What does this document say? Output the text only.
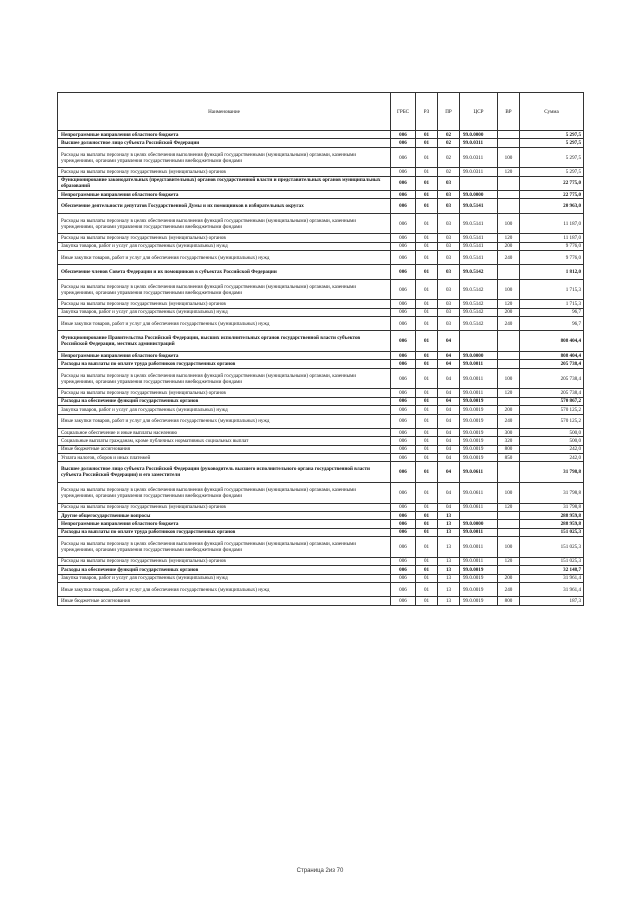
Наименование	ГРБС	РЗ	ПР	ЦСР	ВР	Сумма
Непрограммные направления областного бюджета	006	01	02	99.0.0000		5 297,5
Высшее должностное лицо субъекта Российской Федерации	006	01	02	99.0.0311		5 297,5
Расходы на выплаты персоналу в целях обеспечения выполнения функций государственными (муниципальными) органами, казенными учреждениями, органами управления государственными внебюджетными фондами	006	01	02	99.0.0311	100	5 297,5
Расходы на выплаты персоналу государственных (муниципальных) органов	006	01	02	99.0.0311	120	5 297,5
Функционирование законодательных (представительных) органов государственной власти и представительных органов муниципальных образований	006	01	03			22 775,0
Непрограммные направления областного бюджета	006	01	03	99.0.0000		22 775,0
Обеспечение деятельности депутатов Государственной Думы и их помощников в избирательных округах	006	01	03	99.0.5141		20 963,0
Расходы на выплаты персоналу в целях обеспечения выполнения функций государственными (муниципальными) органами, казенными учреждениями, органами управления государственными внебюджетными фондами	006	01	03	99.0.5141	100	11 187,0
Расходы на выплаты персоналу государственных (муниципальных) органов	006	01	03	99.0.5141	120	11 187,0
Закупка товаров, работ и услуг для государственных (муниципальных) нужд	006	01	03	99.0.5141	200	9 776,0
Иные закупки товаров, работ и услуг для обеспечения государственных (муниципальных) нужд	006	01	03	99.0.5141	240	9 776,0
Обеспечение членов Совета Федерации и их помощников в субъектах Российской Федерации	006	01	03	99.0.5142		1 812,0
Расходы на выплаты персоналу в целях обеспечения выполнения функций государственными (муниципальными) органами, казенными учреждениями, органами управления государственными внебюджетными фондами	006	01	03	99.0.5142	100	1 715,3
Расходы на выплаты персоналу государственных (муниципальных) органов	006	01	03	99.0.5142	120	1 715,3
Закупка товаров, работ и услуг для государственных (муниципальных) нужд	006	01	03	99.0.5142	200	96,7
Иные закупки товаров, работ и услуг для обеспечения государственных (муниципальных) нужд	006	01	03	99.0.5142	240	96,7
Функционирование Правительства Российской Федерации, высших исполнительных органов государственной власти субъектов Российской Федерации, местных администраций	006	01	04			808 404,4
Непрограммные направления областного бюджета	006	01	04	99.0.0000		808 404,4
Расходы на выплаты по оплате труда работников государственных органов	006	01	04	99.0.0011		205 738,4
Расходы на выплаты персоналу в целях обеспечения выполнения функций государственными (муниципальными) органами, казенными учреждениями, органами управления государственными внебюджетными фондами	006	01	04	99.0.0011	100	205 738,4
Расходы на выплаты персоналу государственных (муниципальных) органов	006	01	04	99.0.0011	120	205 738,4
Расходы на обеспечение функций государственных органов	006	01	04	99.0.0019		570 867,2
Закупка товаров, работ и услуг для государственных (муниципальных) нужд	006	01	04	99.0.0019	200	570 125,2
Иные закупки товаров, работ и услуг для обеспечения государственных (муниципальных) нужд	006	01	04	99.0.0019	240	570 125,2
Социальное обеспечение и иные выплаты населению	006	01	04	99.0.0019	300	500,0
Социальные выплаты гражданам, кроме публичных нормативных социальных выплат	006	01	04	99.0.0019	320	500,0
Иные бюджетные ассигнования	006	01	04	99.0.0019	800	242,0
Уплата налогов, сборов и иных платежей	006	01	04	99.0.0019	850	242,0
Высшее должностное лицо субъекта Российской Федерации (руководитель высшего исполнительного органа государственной власти субъекта Российской Федерации) и его заместители	006	01	04	99.0.0611		31 798,8
Расходы на выплаты персоналу в целях обеспечения выполнения функций государственными (муниципальными) органами, казенными учреждениями, органами управления государственными внебюджетными фондами	006	01	04	99.0.0611	100	31 798,8
Расходы на выплаты персоналу государственных (муниципальных) органов	006	01	04	99.0.0611	120	31 798,8
Другие общегосударственные вопросы	006	01	13			288 959,8
Непрограммные направления областного бюджета	006	01	13	99.0.0000		288 959,8
Расходы на выплаты по оплате труда работников государственных органов	006	01	13	99.0.0011		151 025,3
Расходы на выплаты персоналу в целях обеспечения выполнения функций государственными (муниципальными) органами, казенными учреждениями, органами управления государственными внебюджетными фондами	006	01	13	99.0.0011	100	151 025,3
Расходы на выплаты персоналу государственных (муниципальных) органов	006	01	13	99.0.0011	120	151 025,3
Расходы на обеспечение функций государственных органов	006	01	13	99.0.0019		32 148,7
Закупка товаров, работ и услуг для государственных (муниципальных) нужд	006	01	13	99.0.0019	200	31 961,4
Иные закупки товаров, работ и услуг для обеспечения государственных (муниципальных) нужд	006	01	13	99.0.0019	240	31 961,4
Иные бюджетные ассигнования	006	01	13	99.0.0019	800	187,3
Страница 2из 70
